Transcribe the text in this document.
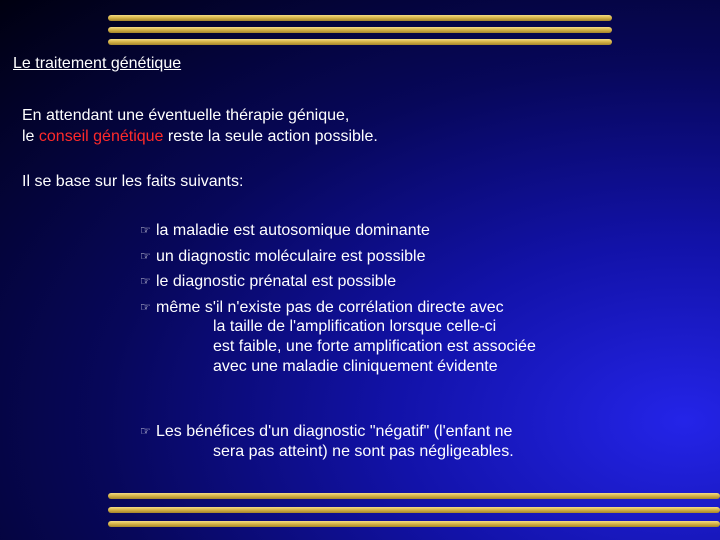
Le traitement génétique

En attendant une éventuelle thérapie génique,

le conseil génétique reste la seule action possible.

Il se base sur les faits suivants:

☞ la maladie est autosomique dominante

☞ un diagnostic moléculaire est possible

☞ le diagnostic prénatal est possible

☞ même s'il n'existe pas de corrélation directe avec

la taille de l'amplification lorsque celle-ci

est faible, une forte amplification est associée

avec une maladie cliniquement évidente

☞ Les bénéfices d'un diagnostic "négatif" (l'enfant ne

sera pas atteint) ne sont pas négligeables.
